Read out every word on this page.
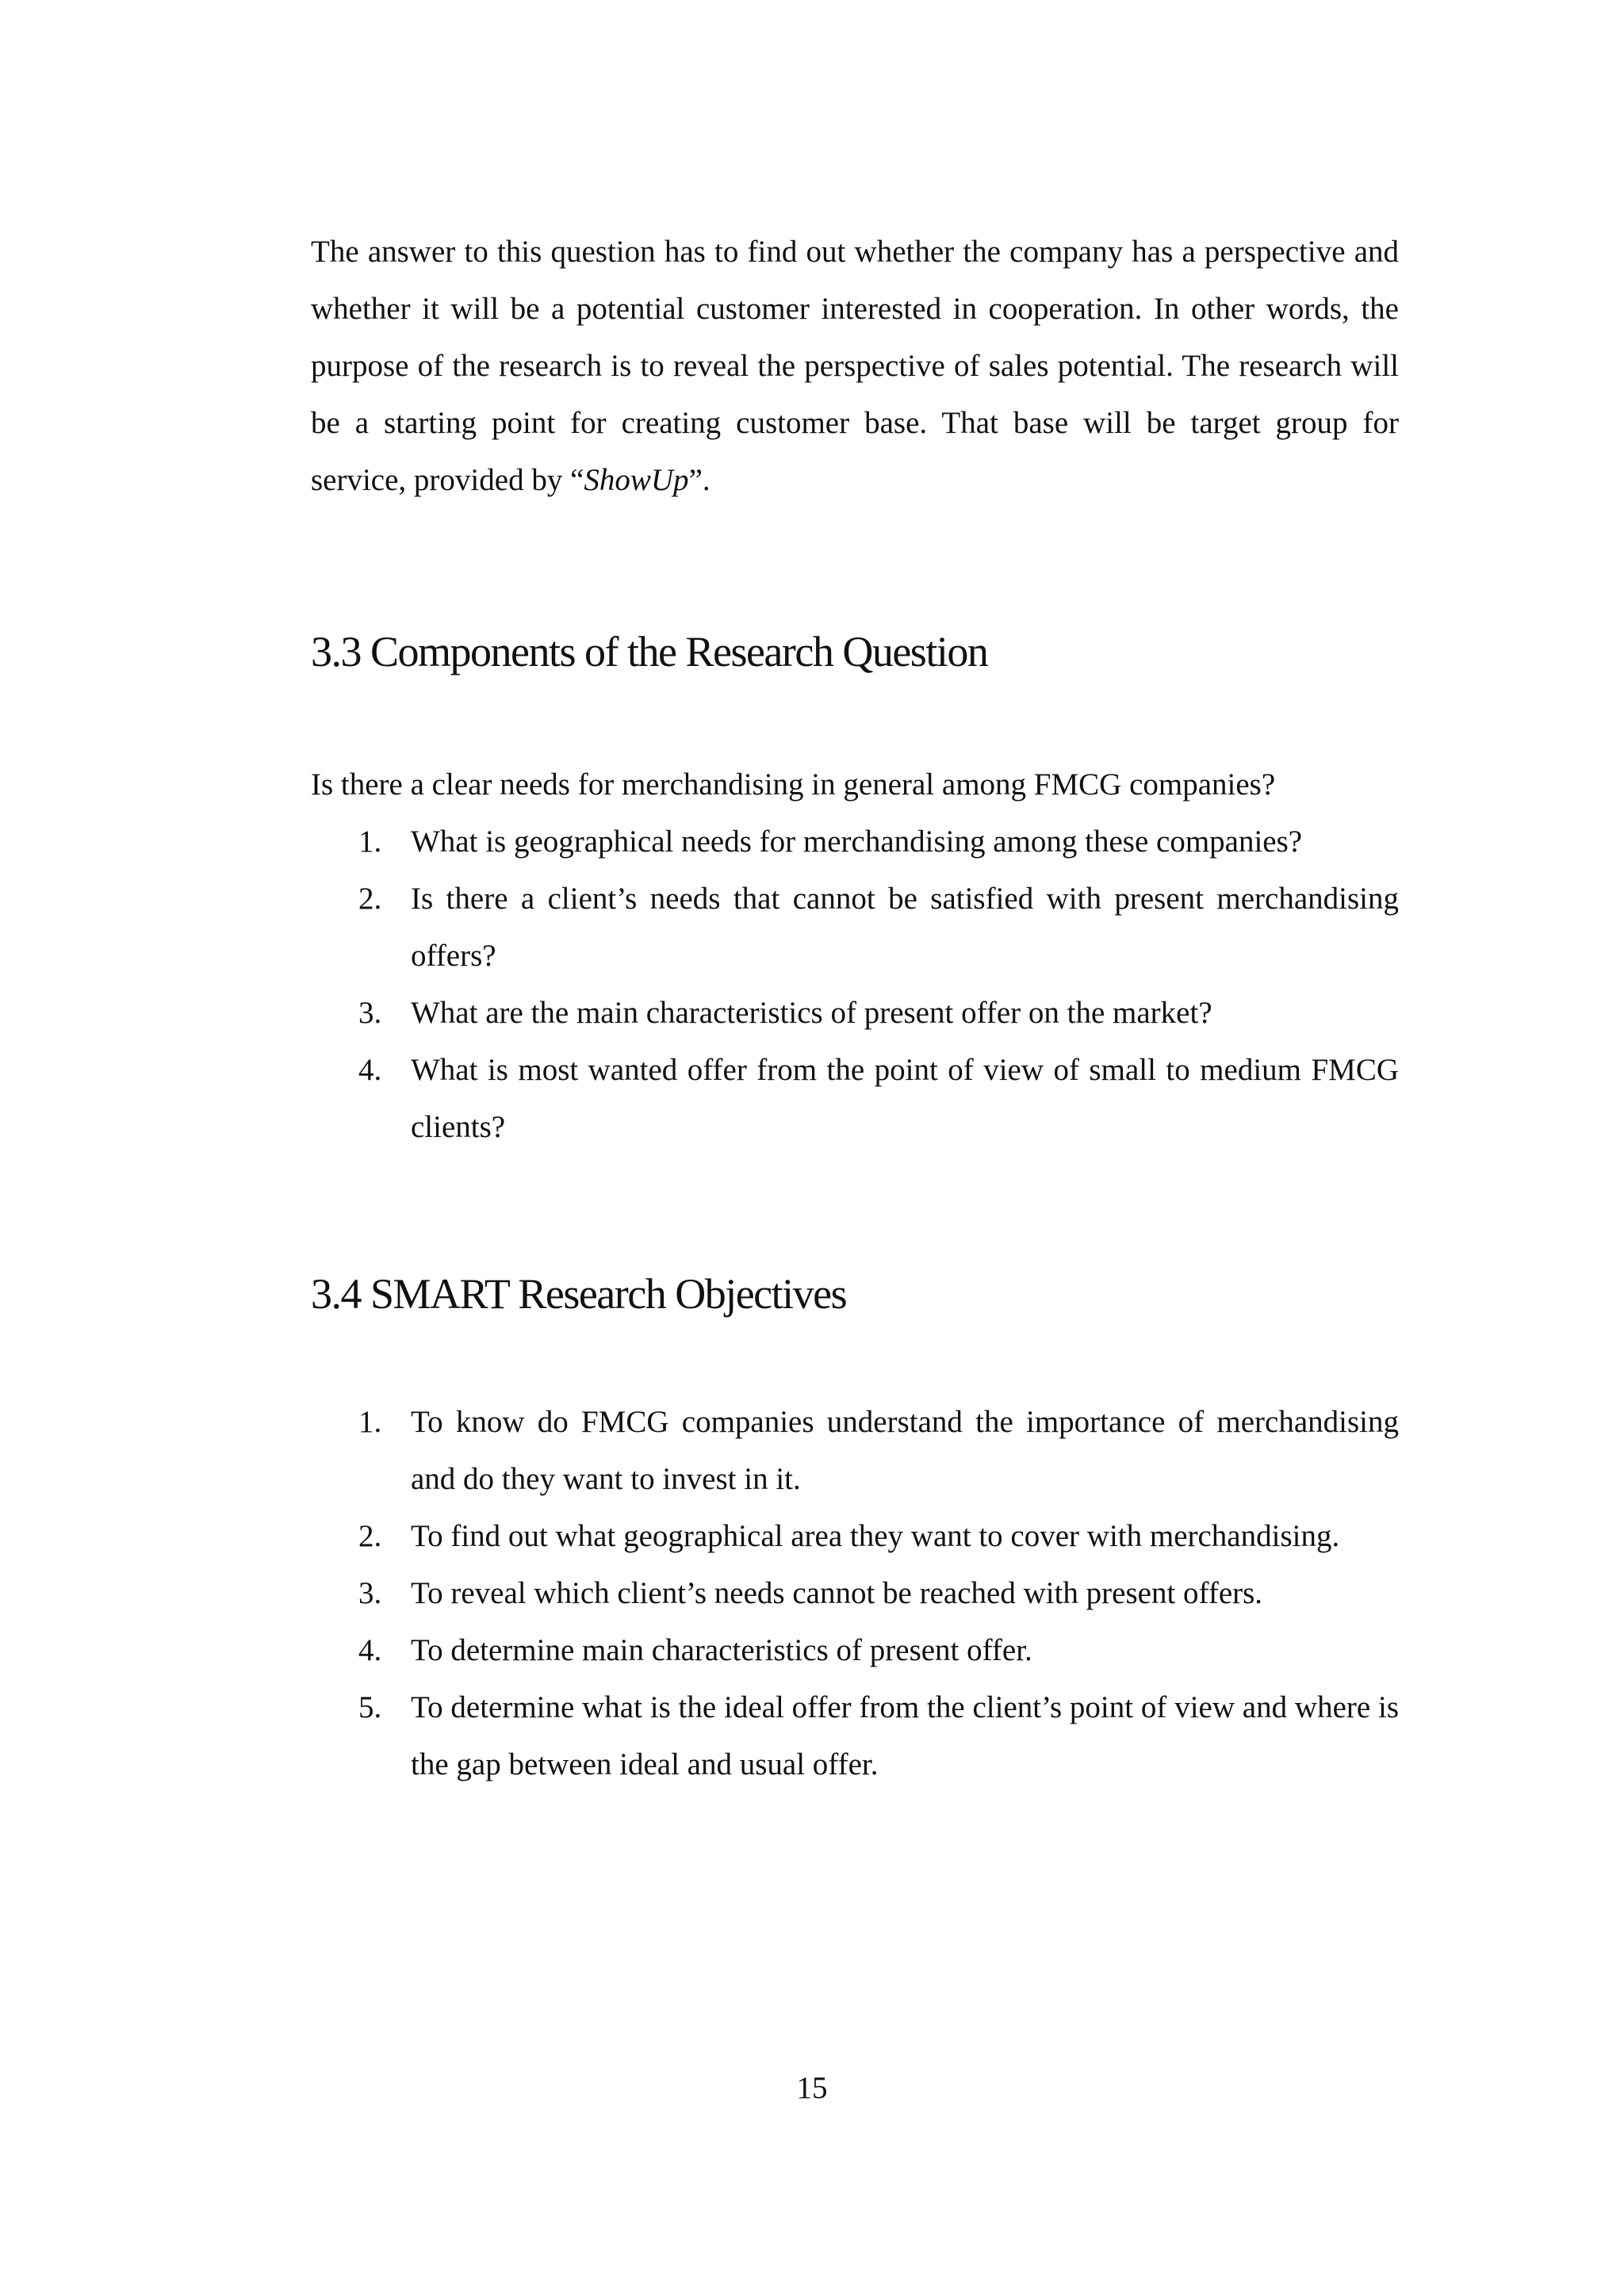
The answer to this question has to find out whether the company has a perspective and whether it will be a potential customer interested in cooperation. In other words, the purpose of the research is to reveal the perspective of sales potential. The research will be a starting point for creating customer base. That base will be target group for service, provided by “ShowUp”.

3.3 Components of the Research Question

Is there a clear needs for merchandising in general among FMCG companies?

1. What is geographical needs for merchandising among these companies?
2. Is there a client’s needs that cannot be satisfied with present merchandising offers?
3. What are the main characteristics of present offer on the market?
4. What is most wanted offer from the point of view of small to medium FMCG clients?
3.4 SMART Research Objectives
1. To know do FMCG companies understand the importance of merchandising and do they want to invest in it.
2. To find out what geographical area they want to cover with merchandising.
3. To reveal which client’s needs cannot be reached with present offers.
4. To determine main characteristics of present offer.
5. To determine what is the ideal offer from the client’s point of view and where is the gap between ideal and usual offer.
15
